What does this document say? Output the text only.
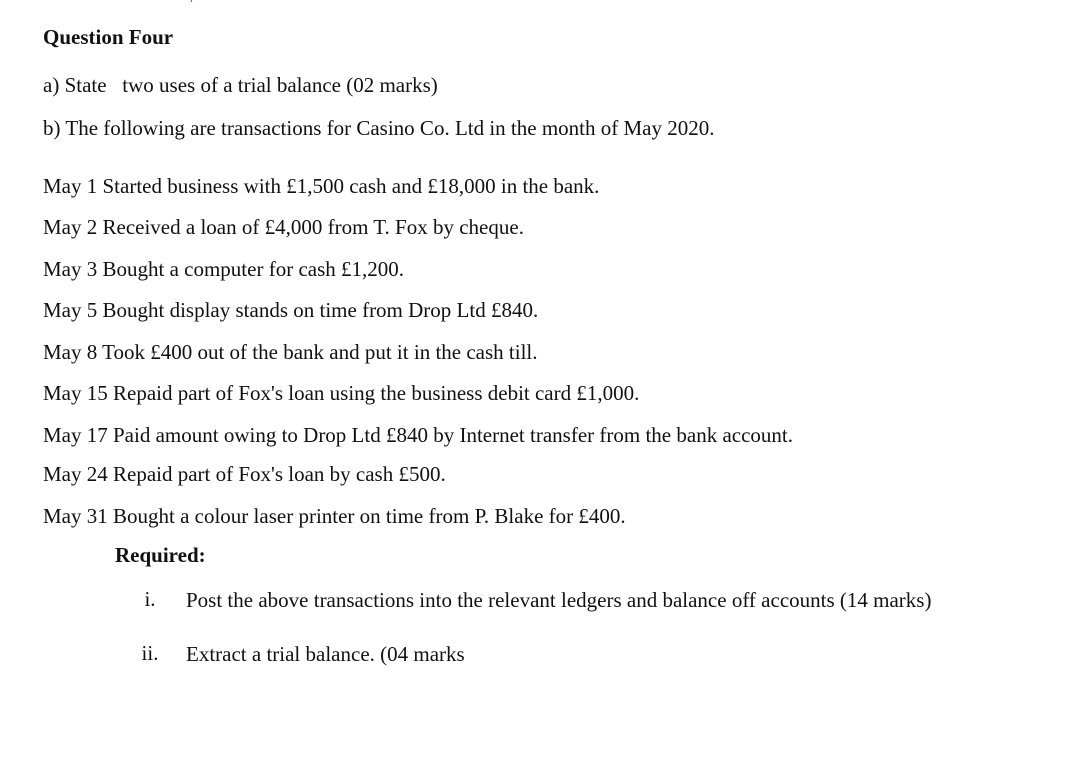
Question Four
a) State   two uses of a trial balance (02 marks)
b) The following are transactions for Casino Co. Ltd in the month of May 2020.
May 1 Started business with £1,500 cash and £18,000 in the bank.
May 2 Received a loan of £4,000 from T. Fox by cheque.
May 3 Bought a computer for cash £1,200.
May 5 Bought display stands on time from Drop Ltd £840.
May 8 Took £400 out of the bank and put it in the cash till.
May 15 Repaid part of Fox's loan using the business debit card £1,000.
May 17 Paid amount owing to Drop Ltd £840 by Internet transfer from the bank account.
May 24 Repaid part of Fox's loan by cash £500.
May 31 Bought a colour laser printer on time from P. Blake for £400.
Required:
i.	Post the above transactions into the relevant ledgers and balance off accounts (14 marks)
ii.	Extract a trial balance. (04 marks
